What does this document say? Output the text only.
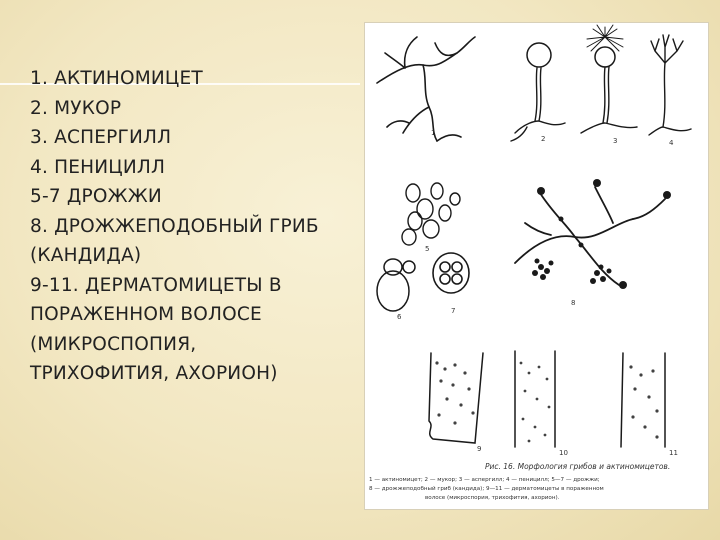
1. АКТИНОМИЦЕТ
2. МУКОР
3. АСПЕРГИЛЛ
4. ПЕНИЦИЛЛ
5-7 ДРОЖЖИ
8. ДРОЖЖЕПОДОБНЫЙ ГРИБ
(КАНДИДА)
9-11. ДЕРМАТОМИЦЕТЫ В
ПОРАЖЕННОМ ВОЛОСЕ
(МИКРОСПОПИЯ,
ТРИХОФИТИЯ, АХОРИОН)
1
2	3	4
5
6
7
8
9	10	11
Рис. 16. Морфология грибов и актиномицетов.
1 — актиномицет; 2 — мукор; 3 — аспергилл; 4 — пеницилл; 5—7 — дрожжи;
8 — дрожжеподобный гриб (кандида); 9—11 — дерматомицеты в пораженном
волосе (микроспория, трихофития, ахорион).
